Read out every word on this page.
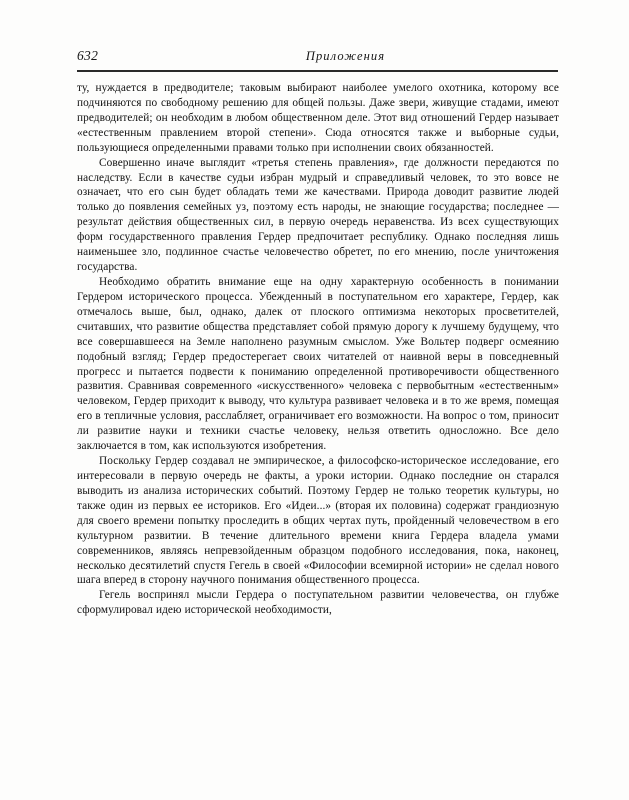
632	Приложения

ту, нуждается в предводителе; таковым выбирают наиболее умелого охотника, которому все подчиняются по свободному решению для общей пользы. Даже звери, живущие стадами, имеют предводителей; он необходим в любом общественном деле. Этот вид отношений Гердер называет «естественным правлением второй степени». Сюда относятся также и выборные судьи, пользующиеся определенными правами только при исполнении своих обязанностей.

Совершенно иначе выглядит «третья степень правления», где должности передаются по наследству. Если в качестве судьи избран мудрый и справедливый человек, то это вовсе не означает, что его сын будет обладать теми же качествами. Природа доводит развитие людей только до появления семейных уз, поэтому есть народы, не знающие государства; последнее — результат действия общественных сил, в первую очередь неравенства. Из всех существующих форм государственного правления Гердер предпочитает республику. Однако последняя лишь наименьшее зло, подлинное счастье человечество обретет, по его мнению, после уничтожения государства.

Необходимо обратить внимание еще на одну характерную особенность в понимании Гердером исторического процесса. Убежденный в поступательном его характере, Гердер, как отмечалось выше, был, однако, далек от плоского оптимизма некоторых просветителей, считавших, что развитие общества представляет собой прямую дорогу к лучшему будущему, что все совершавшееся на Земле наполнено разумным смыслом. Уже Вольтер подверг осмеянию подобный взгляд; Гердер предостерегает своих читателей от наивной веры в повседневный прогресс и пытается подвести к пониманию определенной противоречивости общественного развития. Сравнивая современного «искусственного» человека с первобытным «естественным» человеком, Гердер приходит к выводу, что культура развивает человека и в то же время, помещая его в тепличные условия, расслабляет, ограничивает его возможности. На вопрос о том, приносит ли развитие науки и техники счастье человеку, нельзя ответить односложно. Все дело заключается в том, как используются изобретения.

Поскольку Гердер создавал не эмпирическое, а философско-историческое исследование, его интересовали в первую очередь не факты, а уроки истории. Однако последние он старался выводить из анализа исторических событий. Поэтому Гердер не только теоретик культуры, но также один из первых ее историков. Его «Идеи...» (вторая их половина) содержат грандиозную для своего времени попытку проследить в общих чертах путь, пройденный человечеством в его культурном развитии. В течение длительного времени книга Гердера владела умами современников, являясь непревзойденным образцом подобного исследования, пока, наконец, несколько десятилетий спустя Гегель в своей «Философии всемирной истории» не сделал нового шага вперед в сторону научного понимания общественного процесса.

Гегель воспринял мысли Гердера о поступательном развитии человечества, он глубже сформулировал идею исторической необходимости,
